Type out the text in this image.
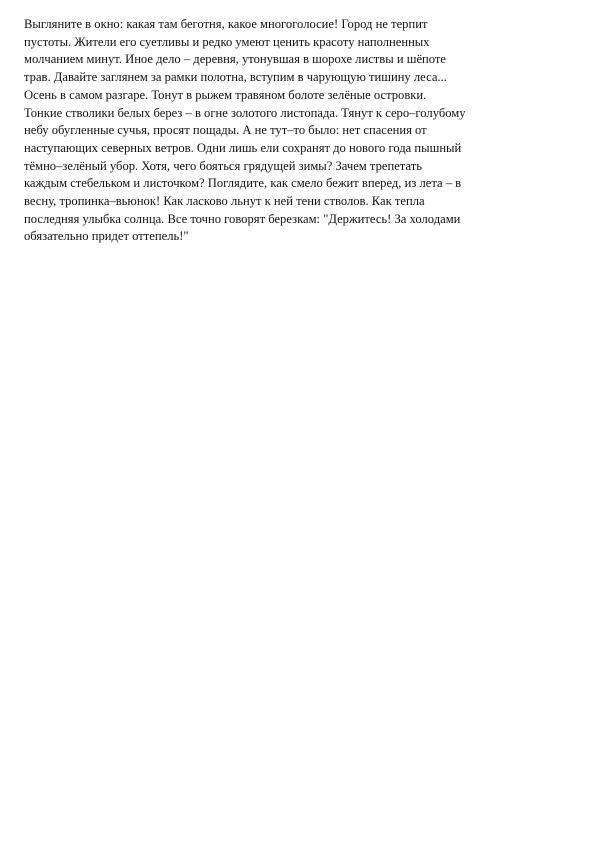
Выгляните в окно: какая там беготня, какое многоголосие! Город не терпит
пустоты. Жители его суетливы и редко умеют ценить красоту наполненных
молчанием минут. Иное дело – деревня, утонувшая в шорохе листвы и шёпоте
трав. Давайте заглянем за рамки полотна, вступим в чарующую тишину леса...
Осень в самом разгаре. Тонут в рыжем травяном болоте зелёные островки.
Тонкие стволики белых берез – в огне золотого листопада. Тянут к серо–голубому
небу обугленные сучья, просят пощады. А не тут–то было: нет спасения от
наступающих северных ветров. Одни лишь ели сохранят до нового года пышный
тёмно–зелёный убор. Хотя, чего бояться грядущей зимы? Зачем трепетать
каждым стебельком и листочком? Поглядите, как смело бежит вперед, из лета – в
весну, тропинка–вьюнок! Как ласково льнут к ней тени стволов. Как тепла
последняя улыбка солнца. Все точно говорят березкам: "Держитесь! За холодами
обязательно придет оттепель!"
